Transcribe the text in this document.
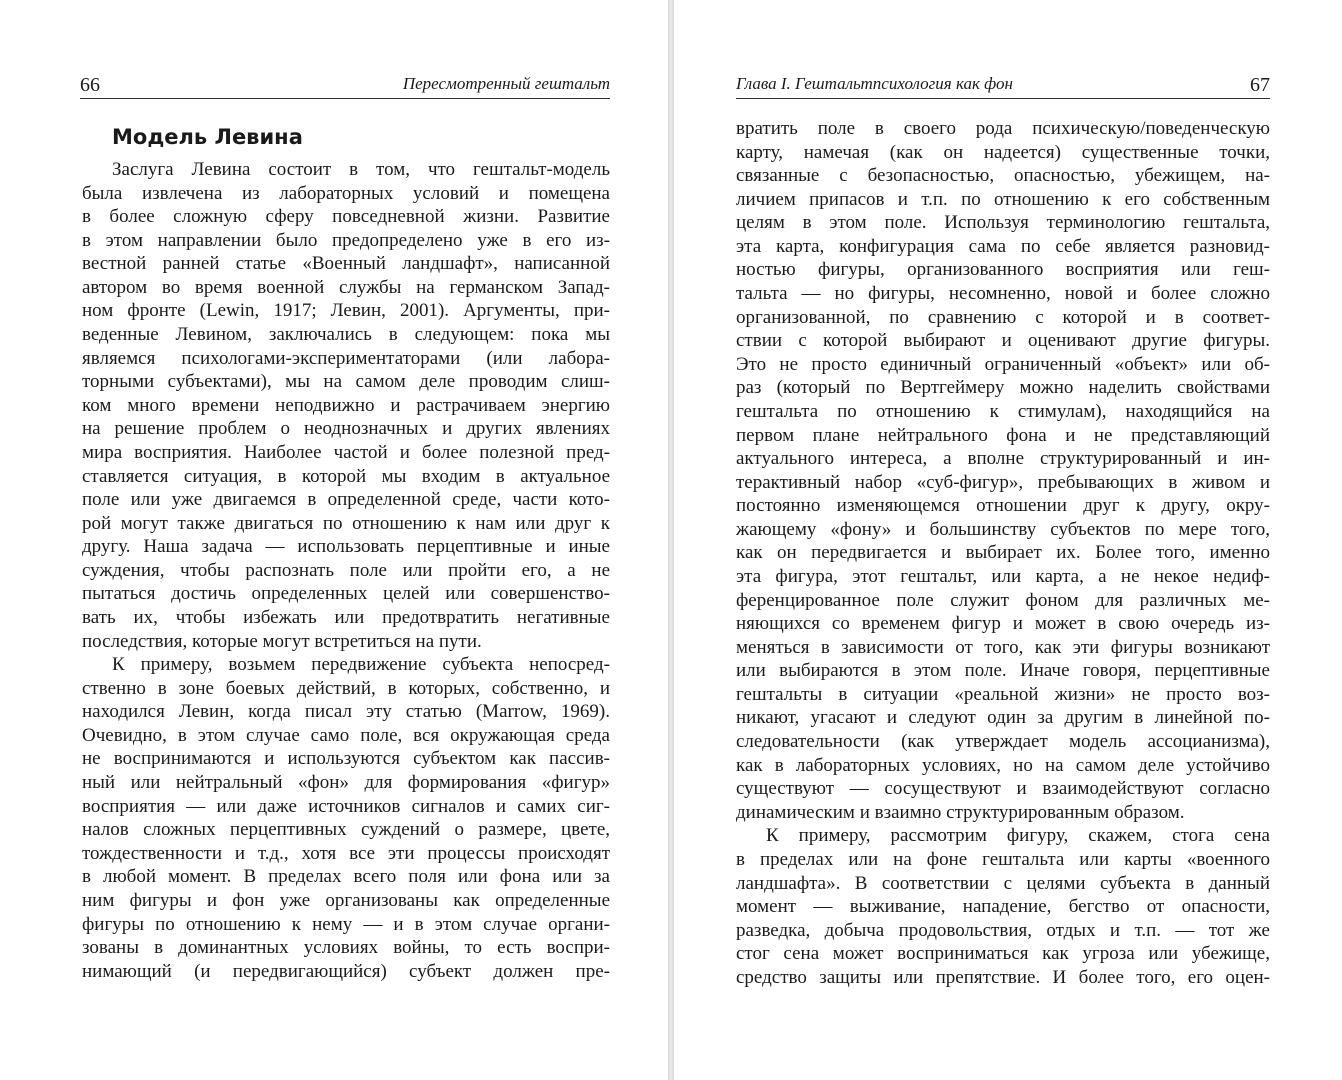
66	Пересмотренный гештальт
Модель Левина
Заслуга Левина состоит в том, что гештальт-модель
была извлечена из лабораторных условий и помещена
в более сложную сферу повседневной жизни. Развитие
в этом направлении было предопределено уже в его из-
вестной ранней статье «Военный ландшафт», написанной
автором во время военной службы на германском Запад-
ном фронте (Lewin, 1917; Левин, 2001). Аргументы, при-
веденные Левином, заключались в следующем: пока мы
являемся психологами-экспериментаторами (или лабора-
торными субъектами), мы на самом деле проводим слиш-
ком много времени неподвижно и растрачиваем энергию
на решение проблем о неоднозначных и других явлениях
мира восприятия. Наиболее частой и более полезной пред-
ставляется ситуация, в которой мы входим в актуальное
поле или уже двигаемся в определенной среде, части кото-
рой могут также двигаться по отношению к нам или друг к
другу. Наша задача — использовать перцептивные и иные
суждения, чтобы распознать поле или пройти его, а не
пытаться достичь определенных целей или совершенство-
вать их, чтобы избежать или предотвратить негативные
последствия, которые могут встретиться на пути.
К примеру, возьмем передвижение субъекта непосред-
ственно в зоне боевых действий, в которых, собственно, и
находился Левин, когда писал эту статью (Marrow, 1969).
Очевидно, в этом случае само поле, вся окружающая среда
не воспринимаются и используются субъектом как пассив-
ный или нейтральный «фон» для формирования «фигур»
восприятия — или даже источников сигналов и самих сиг-
налов сложных перцептивных суждений о размере, цвете,
тождественности и т.д., хотя все эти процессы происходят
в любой момент. В пределах всего поля или фона или за
ним фигуры и фон уже организованы как определенные
фигуры по отношению к нему — и в этом случае органи-
зованы в доминантных условиях войны, то есть воспри-
нимающий (и передвигающийся) субъект должен пре-
Глава I. Гештальтпсихология как фон	67
вратить поле в своего рода психическую/поведенческую
карту, намечая (как он надеется) существенные точки,
связанные с безопасностью, опасностью, убежищем, на-
личием припасов и т.п. по отношению к его собственным
целям в этом поле. Используя терминологию гештальта,
эта карта, конфигурация сама по себе является разновид-
ностью фигуры, организованного восприятия или геш-
тальта — но фигуры, несомненно, новой и более сложно
организованной, по сравнению с которой и в соответ-
ствии с которой выбирают и оценивают другие фигуры.
Это не просто единичный ограниченный «объект» или об-
раз (который по Вертгеймеру можно наделить свойствами
гештальта по отношению к стимулам), находящийся на
первом плане нейтрального фона и не представляющий
актуального интереса, а вполне структурированный и ин-
терактивный набор «суб-фигур», пребывающих в живом и
постоянно изменяющемся отношении друг к другу, окру-
жающему «фону» и большинству субъектов по мере того,
как он передвигается и выбирает их. Более того, именно
эта фигура, этот гештальт, или карта, а не некое недиф-
ференцированное поле служит фоном для различных ме-
няющихся со временем фигур и может в свою очередь из-
меняться в зависимости от того, как эти фигуры возникают
или выбираются в этом поле. Иначе говоря, перцептивные
гештальты в ситуации «реальной жизни» не просто воз-
никают, угасают и следуют один за другим в линейной по-
следовательности (как утверждает модель ассоцианизма),
как в лабораторных условиях, но на самом деле устойчиво
существуют — сосуществуют и взаимодействуют согласно
динамическим и взаимно структурированным образом.
К примеру, рассмотрим фигуру, скажем, стога сена
в пределах или на фоне гештальта или карты «военного
ландшафта». В соответствии с целями субъекта в данный
момент — выживание, нападение, бегство от опасности,
разведка, добыча продовольствия, отдых и т.п. — тот же
стог сена может восприниматься как угроза или убежище,
средство защиты или препятствие. И более того, его оцен-
